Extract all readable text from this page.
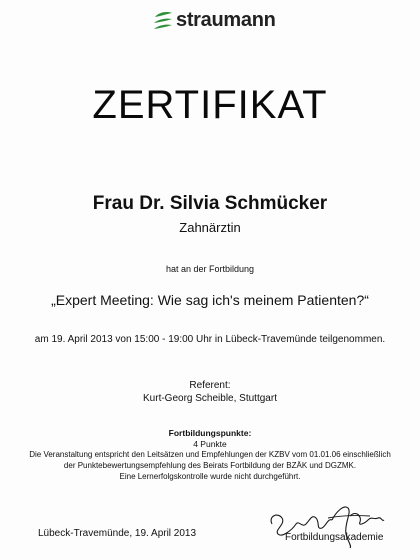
straumann
ZERTIFIKAT
Frau Dr. Silvia Schmücker
Zahnärztin
hat an der Fortbildung
„Expert Meeting: Wie sag ich's meinem Patienten?“
am 19. April 2013 von 15:00 - 19:00 Uhr in Lübeck-Travemünde teilgenommen.
Referent:
Kurt-Georg Scheible, Stuttgart
Fortbildungspunkte:
4 Punkte
Die Veranstaltung entspricht den Leitsätzen und Empfehlungen der KZBV vom 01.01.06 einschließlich
der Punktebewertungsempfehlung des Beirats Fortbildung der BZÄK und DGZMK.
Eine Lernerfolgskontrolle wurde nicht durchgeführt.
Lübeck-Travemünde, 19. April 2013	Fortbildungsakademie
